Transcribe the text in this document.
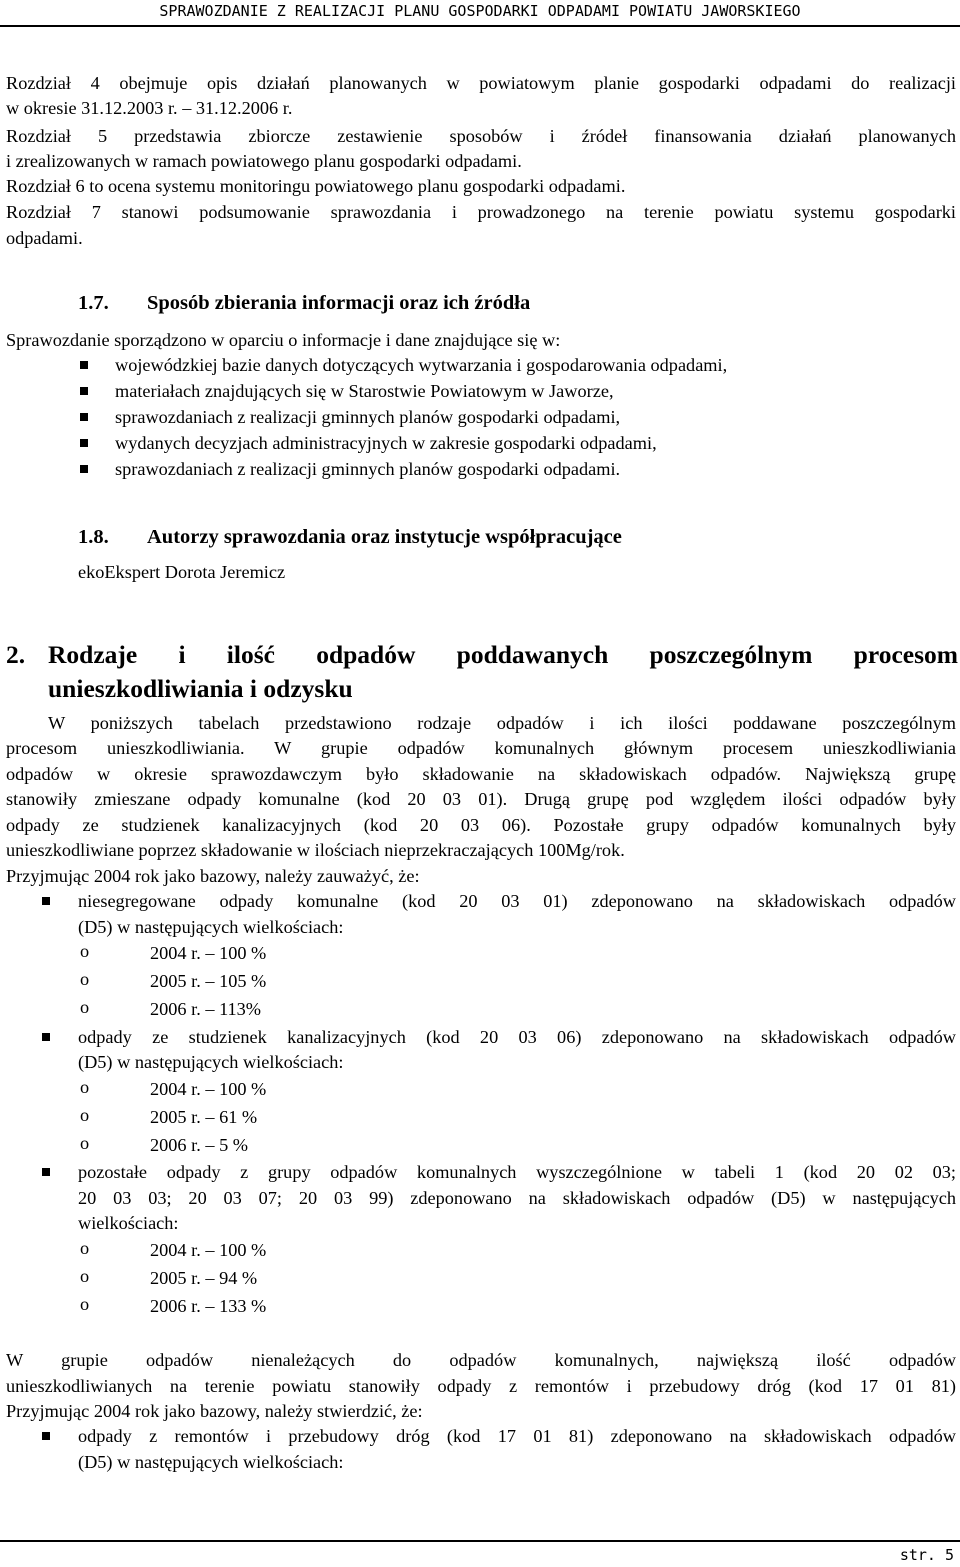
SPRAWOZDANIE Z REALIZACJI PLANU GOSPODARKI ODPADAMI POWIATU JAWORSKIEGO
Rozdział 4 obejmuje opis działań planowanych w powiatowym planie gospodarki odpadami do realizacji
w okresie 31.12.2003 r. – 31.12.2006 r.
Rozdział 5 przedstawia zbiorcze zestawienie sposobów i źródeł finansowania działań planowanych
i zrealizowanych w ramach powiatowego planu gospodarki odpadami.
Rozdział 6 to ocena systemu monitoringu powiatowego planu gospodarki odpadami.
Rozdział 7 stanowi podsumowanie sprawozdania i prowadzonego na terenie powiatu systemu gospodarki
odpadami.
1.7. Sposób zbierania informacji oraz ich źródła
Sprawozdanie sporządzono w oparciu o informacje i dane znajdujące się w:
wojewódzkiej bazie danych dotyczących wytwarzania i gospodarowania odpadami,
materiałach znajdujących się w Starostwie Powiatowym w Jaworze,
sprawozdaniach z realizacji gminnych planów gospodarki odpadami,
wydanych decyzjach administracyjnych w zakresie gospodarki odpadami,
sprawozdaniach z realizacji gminnych planów gospodarki odpadami.
1.8. Autorzy sprawozdania oraz instytucje współpracujące
ekoEkspert Dorota Jeremicz
2. Rodzaje   i   ilość   odpadów   poddawanych   poszczególnym   procesom
unieszkodliwiania i odzysku
W poniższych tabelach przedstawiono rodzaje odpadów i ich ilości poddawane poszczególnym
procesom unieszkodliwiania. W grupie odpadów komunalnych głównym procesem unieszkodliwiania
odpadów w okresie sprawozdawczym było składowanie na składowiskach odpadów. Największą grupę
stanowiły zmieszane odpady komunalne (kod 20 03 01). Drugą grupę pod względem ilości odpadów były
odpady ze studzienek kanalizacyjnych (kod 20 03 06). Pozostałe grupy odpadów komunalnych były
unieszkodliwiane poprzez składowanie w ilościach nieprzekraczających 100Mg/rok.
Przyjmując 2004 rok jako bazowy, należy zauważyć, że:
niesegregowane odpady komunalne (kod 20 03 01) zdeponowano na składowiskach odpadów
(D5) w następujących wielkościach:
o	2004 r. – 100 %
o	2005 r. – 105 %
o	2006 r. – 113%
odpady ze studzienek kanalizacyjnych (kod 20 03 06) zdeponowano na składowiskach odpadów
(D5) w następujących wielkościach:
o	2004 r. – 100 %
o	2005 r. – 61 %
o	2006 r. – 5 %
pozostałe odpady z grupy odpadów komunalnych wyszczególnione w tabeli 1 (kod 20 02 03;
20 03 03; 20 03 07; 20 03 99) zdeponowano na składowiskach odpadów (D5) w następujących
wielkościach:
o	2004 r. – 100 %
o	2005 r. – 94 %
o	2006 r. – 133 %
W grupie odpadów nienależących do odpadów komunalnych, największą ilość odpadów
unieszkodliwianych na terenie powiatu stanowiły odpady z remontów i przebudowy dróg (kod 17 01 81)
Przyjmując 2004 rok jako bazowy, należy stwierdzić, że:
odpady z remontów i przebudowy dróg (kod 17 01 81) zdeponowano na składowiskach odpadów
(D5) w następujących wielkościach:
str. 5
